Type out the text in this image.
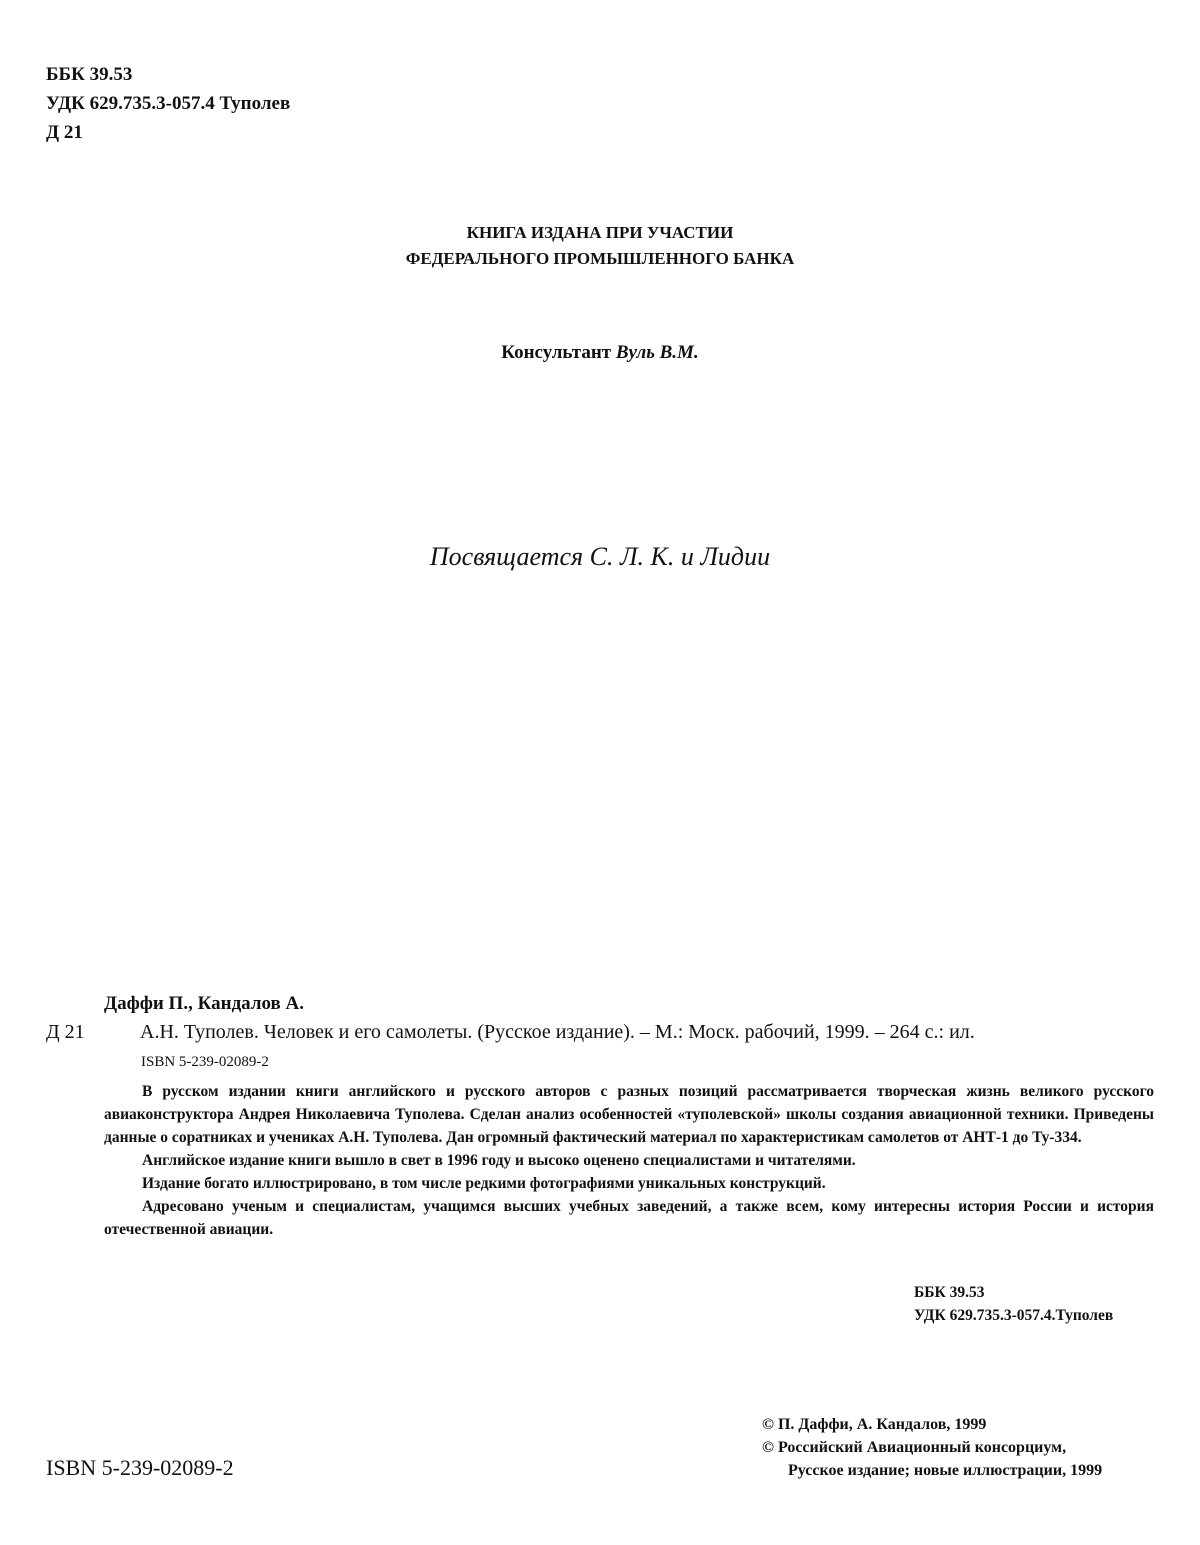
ББК 39.53
УДК 629.735.3-057.4 Туполев
Д 21
КНИГА ИЗДАНА ПРИ УЧАСТИИ
ФЕДЕРАЛЬНОГО ПРОМЫШЛЕННОГО БАНКА
Консультант Вуль В.М.
Посвящается С. Л. К. и Лидии
Даффи П., Кандалов А.
Д 21	А.Н. Туполев. Человек и его самолеты. (Русское издание). – М.: Моск. рабочий, 1999. – 264 с.: ил.
ISBN 5-239-02089-2

В русском издании книги английского и русского авторов с разных позиций рассматривается творческая жизнь великого русского авиаконструктора Андрея Николаевича Туполева. Сделан анализ особенностей «туполевской» школы создания авиационной техники. Приведены данные о соратниках и учениках А.Н. Туполева. Дан огромный фактический материал по характеристикам самолетов от АНТ-1 до Ту-334.

Английское издание книги вышло в свет в 1996 году и высоко оценено специалистами и читателями.

Издание богато иллюстрировано, в том числе редкими фотографиями уникальных конструкций.

Адресовано ученым и специалистам, учащимся высших учебных заведений, а также всем, кому интересны история России и история отечественной авиации.

ББК 39.53
УДК 629.735.3-057.4.Туполев
© П. Даффи, А. Кандалов, 1999
© Российский Авиационный консорциум,
Русское издание; новые иллюстрации, 1999
ISBN 5-239-02089-2
